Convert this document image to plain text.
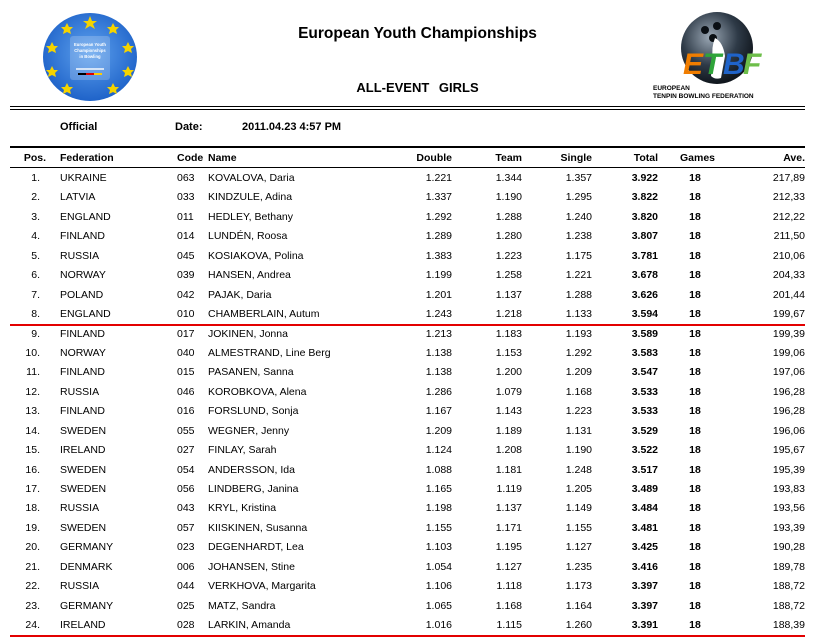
European Youth
Championships
in Bowling
European Youth Championships
ALL-EVENT GIRLS
E T B
F
EUROPEAN
TENPIN BOWLING FEDERATION
Official	Date:	2011.04.23 4:57 PM
Pos. Federation	Code Name	Double	Team	Single	Total Games	Ave.
1. UKRAINE	063 KOVALOVA, Daria	1.221	1.344	1.357	3.922	18	217,89
2. LATVIA	033 KINDZULE, Adina	1.337	1.190	1.295	3.822	18	212,33
3. ENGLAND	011 HEDLEY, Bethany	1.292	1.288	1.240	3.820	18	212,22
4. FINLAND	014 LUNDÉN, Roosa	1.289	1.280	1.238	3.807	18	211,50
5. RUSSIA	045 KOSIAKOVA, Polina	1.383	1.223	1.175	3.781	18	210,06
6. NORWAY	039 HANSEN, Andrea	1.199	1.258	1.221	3.678	18	204,33
7. POLAND	042 PAJAK, Daria	1.201	1.137	1.288	3.626	18	201,44
8. ENGLAND	010 CHAMBERLAIN, Autum	1.243	1.218	1.133	3.594	18	199,67
9. FINLAND	017 JOKINEN, Jonna	1.213	1.183	1.193	3.589	18	199,39
10. NORWAY	040 ALMESTRAND, Line Berg	1.138	1.153	1.292	3.583	18	199,06
11. FINLAND	015 PASANEN, Sanna	1.138	1.200	1.209	3.547	18	197,06
12. RUSSIA	046 KOROBKOVA, Alena	1.286	1.079	1.168	3.533	18	196,28
13. FINLAND	016 FORSLUND, Sonja	1.167	1.143	1.223	3.533	18	196,28
14. SWEDEN	055 WEGNER, Jenny	1.209	1.189	1.131	3.529	18	196,06
15. IRELAND	027 FINLAY, Sarah	1.124	1.208	1.190	3.522	18	195,67
16. SWEDEN	054 ANDERSSON, Ida	1.088	1.181	1.248	3.517	18	195,39
17. SWEDEN	056 LINDBERG, Janina	1.165	1.119	1.205	3.489	18	193,83
18. RUSSIA	043 KRYL, Kristina	1.198	1.137	1.149	3.484	18	193,56
19. SWEDEN	057 KIISKINEN, Susanna	1.155	1.171	1.155	3.481	18	193,39
20. GERMANY	023 DEGENHARDT, Lea	1.103	1.195	1.127	3.425	18	190,28
21. DENMARK	006 JOHANSEN, Stine	1.054	1.127	1.235	3.416	18	189,78
22. RUSSIA	044 VERKHOVA, Margarita	1.106	1.118	1.173	3.397	18	188,72
23. GERMANY	025 MATZ, Sandra	1.065	1.168	1.164	3.397	18	188,72
24. IRELAND	028 LARKIN, Amanda	1.016	1.115	1.260	3.391	18	188,39
